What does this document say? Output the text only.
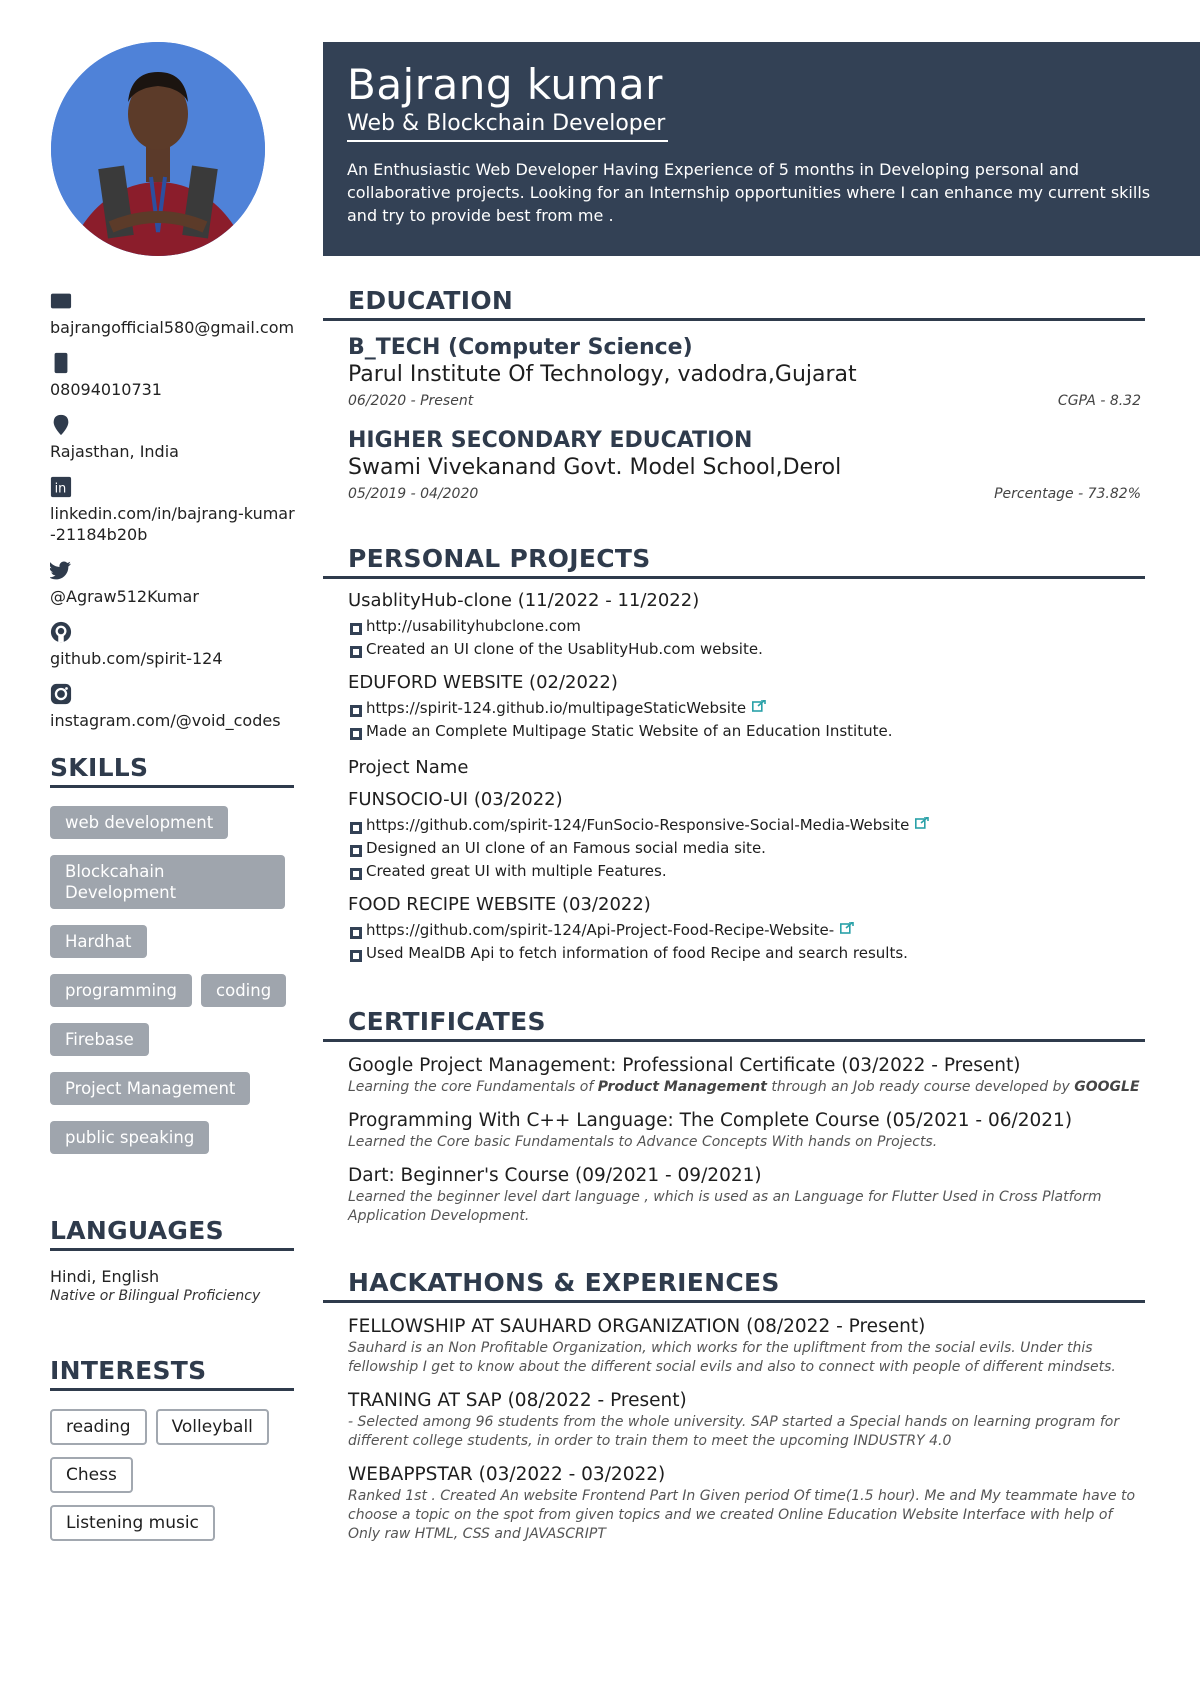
bajrangofficial580@gmail.com
08094010731
Rajasthan, India
in
linkedin.com/in/bajrang-kumar-21184b20b
@Agraw512Kumar
github.com/spirit-124
instagram.com/@void_codes
SKILLS
web development
Blockcahain Development
Hardhat
programming	coding
Firebase
Project Management
public speaking
LANGUAGES
Hindi, English
Native or Bilingual Proficiency
INTERESTS
reading	Volleyball
Chess
Listening music
Bajrang kumar
Web & Blockchain Developer
An Enthusiastic Web Developer Having Experience of 5 months in Developing personal and collaborative projects. Looking for an Internship opportunities where I can enhance my current skills and try to provide best from me .
EDUCATION
B_TECH (Computer Science)
Parul Institute Of Technology, vadodra,Gujarat
06/2020 - Present	CGPA - 8.32
HIGHER SECONDARY EDUCATION
Swami Vivekanand Govt. Model School,Derol
05/2019 - 04/2020	Percentage - 73.82%
PERSONAL PROJECTS
UsablityHub-clone (11/2022 - 11/2022)
http://usabilityhubclone.com
Created an UI clone of the UsablityHub.com website.
EDUFORD WEBSITE (02/2022)
https://spirit-124.github.io/multipageStaticWebsite
Made an Complete Multipage Static Website of an Education Institute.
Project Name
FUNSOCIO-UI (03/2022)
https://github.com/spirit-124/FunSocio-Responsive-Social-Media-Website
Designed an UI clone of an Famous social media site.
Created great UI with multiple Features.
FOOD RECIPE WEBSITE (03/2022)
https://github.com/spirit-124/Api-Project-Food-Recipe-Website-
Used MealDB Api to fetch information of food Recipe and search results.
CERTIFICATES
Google Project Management: Professional Certificate (03/2022 - Present)
Learning the core Fundamentals of Product Management through an Job ready course developed by GOOGLE
Programming With C++ Language: The Complete Course (05/2021 - 06/2021)
Learned the Core basic Fundamentals to Advance Concepts With hands on Projects.
Dart: Beginner's Course (09/2021 - 09/2021)
Learned the beginner level dart language , which is used as an Language for Flutter Used in Cross Platform Application Development.
HACKATHONS & EXPERIENCES
FELLOWSHIP AT SAUHARD ORGANIZATION (08/2022 - Present)
Sauhard is an Non Profitable Organization, which works for the upliftment from the social evils. Under this fellowship I get to know about the different social evils and also to connect with people of different mindsets.
TRANING AT SAP (08/2022 - Present)
- Selected among 96 students from the whole university. SAP started a Special hands on learning program for different college students, in order to train them to meet the upcoming INDUSTRY 4.0
WEBAPPSTAR (03/2022 - 03/2022)
Ranked 1st . Created An website Frontend Part In Given period Of time(1.5 hour). Me and My teammate have to choose a topic on the spot from given topics and we created Online Education Website Interface with help of Only raw HTML, CSS and JAVASCRIPT
